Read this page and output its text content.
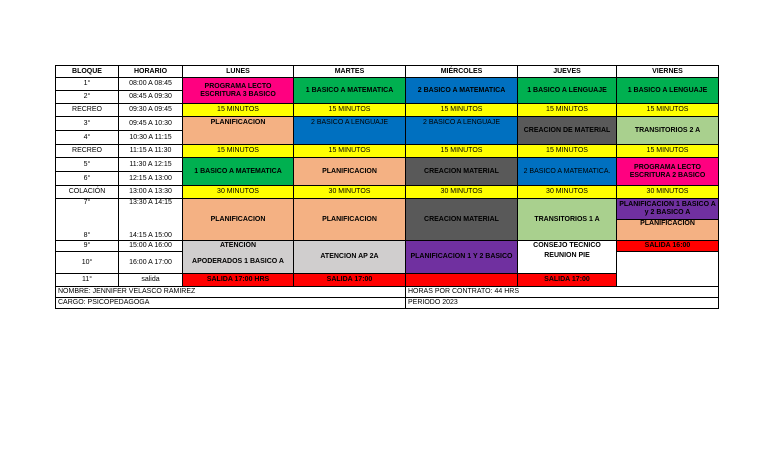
BLOQUE	HORARIO	LUNES	MARTES	MIÉRCOLES	JUEVES	VIERNES
1°	08:00 A 08:45	PROGRAMA LECTO ESCRITURA 3 BASICO	1 BASICO A MATEMATICA	2 BASICO A MATEMATICA	1 BASICO A LENGUAJE	1 BASICO A LENGUAJE
2°	08:45 A 09:30					
RECREO	09:30 A 09:45	15 MINUTOS	15 MINUTOS	15 MINUTOS	15 MINUTOS	15 MINUTOS
3°	09:45 A 10:30	PLANIFICACION	2 BASICO A LENGUAJE	2 BASICO A LENGUAJE	CREACION DE MATERIAL	TRANSITORIOS 2 A
4°	10:30 A 11:15					
RECREO	11:15 A 11:30	15 MINUTOS	15 MINUTOS	15 MINUTOS	15 MINUTOS	15 MINUTOS
5°	11:30 A 12:15	1 BASICO A MATEMATICA	PLANIFICACION	CREACION MATERIAL	2 BASICO A MATEMATICA.	PROGRAMA LECTO ESCRITURA 2 BASICO
6°	12:15 A 13:00					
COLACIÓN	13:00 A 13:30	30 MINUTOS	30 MINUTOS	30 MINUTOS	30 MINUTOS	30 MINUTOS
7°	13:30 A 14:15	PLANIFICACION	PLANIFICACION	CREACION MATERIAL	TRANSITORIOS 1 A	PLANIFICACION 1 BASICO A y 2 BASICO A
8°	14:15 A 15:00					PLANIFICACION
9°	15:00 A 16:00	ATENCIÓN	ATENCION AP 2A	PLANIFICACION 1 Y 2 BASICO	CONSEJO TECNICO	SALIDA 16:00
10°	16:00 A 17:00	APODERADOS 1 BASICO A			REUNION PIE	
11°	salida	SALIDA 17:00 HRS	SALIDA 17:00		SALIDA 17:00	
NOMBRE: JENNIFER VELASCO RAMIREZ				HORAS POR CONTRATO: 44 HRS		
CARGO: PSICOPEDAGOGA				PERIODO 2023		
